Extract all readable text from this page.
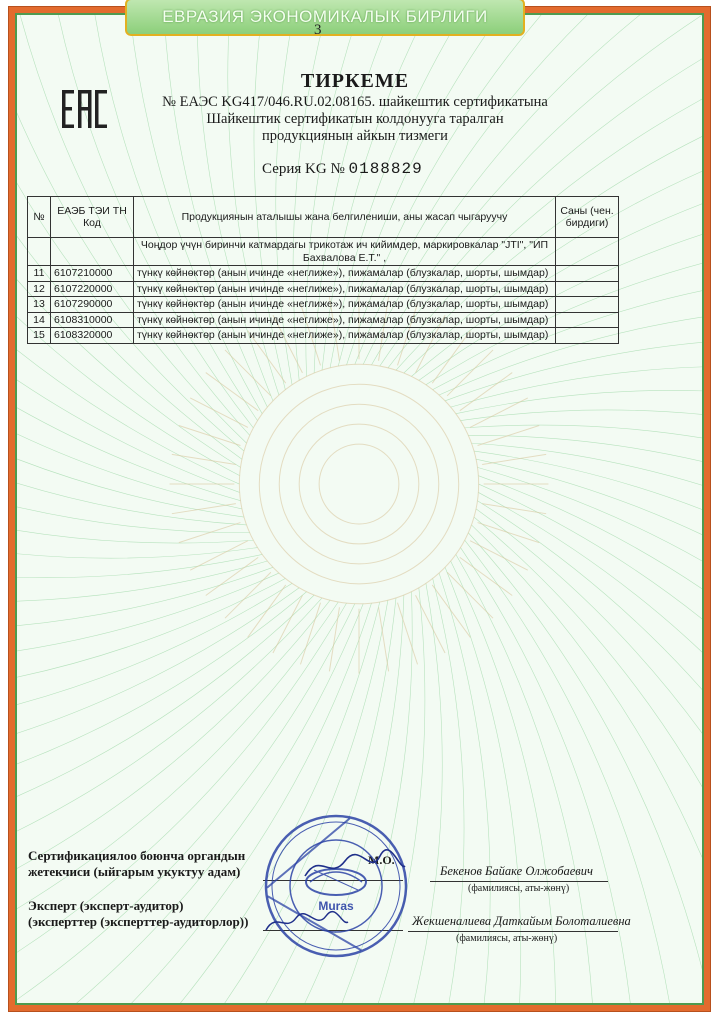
ЕВРАЗИЯ ЭКОНОМИКАЛЫК БИРЛИГИ
3
ТИРКЕМЕ
№ ЕАЭС KG417/046.RU.02.08165. шайкештик сертификатына
Шайкештик сертификатын колдонууга таралган
продукциянын айкын тизмеги
Серия KG № 0188829
№	ЕАЭБ ТЭИ ТН Код	Продукциянын аталышы жана белгилениши, аны жасап чыгаруучу	Саны (чен. бирдиги)
		Чоңдор үчүн биринчи катмардагы трикотаж ич кийимдер, маркировкалар "JTI", "ИП Бахвалова Е.Т." ,	
11	6107210000	түнкү көйнөктөр (анын ичинде «неглиже»), пижамалар (блузкалар, шорты, шымдар)	
12	6107220000	түнкү көйнөктөр (анын ичинде «неглиже»), пижамалар (блузкалар, шорты, шымдар)	
13	6107290000	түнкү көйнөктөр (анын ичинде «неглиже»), пижамалар (блузкалар, шорты, шымдар)	
14	6108310000	түнкү көйнөктөр (анын ичинде «неглиже»), пижамалар (блузкалар, шорты, шымдар)	
15	6108320000	түнкү көйнөктөр (анын ичинде «неглиже»), пижамалар (блузкалар, шорты, шымдар)	
Сертификациялоо боюнча органдын
жетекчиси (ыйгарым укуктуу адам)
М.О.
Бекенов Байаке Олжобаевич
(фамилиясы, аты-жөнү)
Эксперт (эксперт-аудитор)
(эксперттер (эксперттер-аудиторлор))	Жекшеналиева Даткайым Болоталиевна
(фамилиясы, аты-жөнү)
Muras
